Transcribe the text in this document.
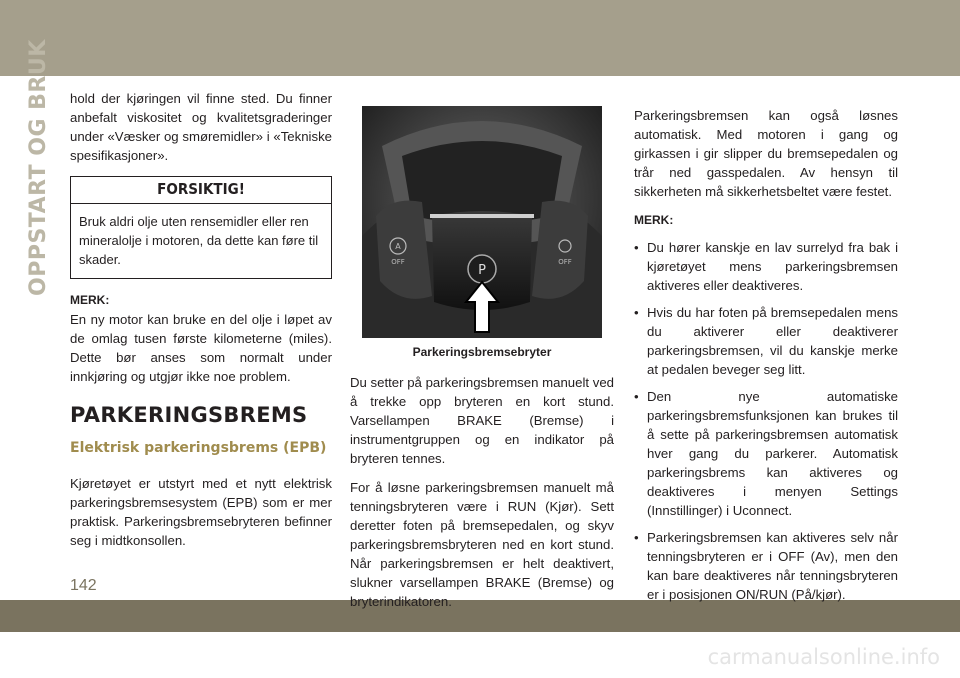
OPPSTART OG BRUK hold der kjøringen vil finne sted. Du finner anbefalt viskositet og kvalitetsgraderinger under «Væsker og smøremidler» i «Tekniske spesifikasjoner».

FORSIKTIG!
Bruk aldri olje uten rensemidler eller ren mineralolje i motoren, da dette kan føre til skader.

MERK:

En ny motor kan bruke en del olje i løpet av de omlag tusen første kilometerne (miles). Dette bør anses som normalt under innkjøring og utgjør ikke noe problem.

PARKERINGSBREMS
Elektrisk parkeringsbrems (EPB)

Kjøretøyet er utstyrt med et nytt elektrisk parkeringsbremsesystem (EPB) som er mer praktisk. Parkeringsbremsebryteren befinner seg i midtkonsollen.

P
A
OFF	OFF
Parkeringsbremsebryter

Du setter på parkeringsbremsen manuelt ved å trekke opp bryteren en kort stund. Varsellampen BRAKE (Bremse) i instrumentgruppen og en indikator på bryteren tennes.

For å løsne parkeringsbremsen manuelt må tenningsbryteren være i RUN (Kjør). Sett deretter foten på bremsepedalen, og skyv parkeringsbremsbryteren ned en kort stund. Når parkeringsbremsen er helt deaktivert, slukner varsellampen BRAKE (Bremse) og bryterindikatoren.

Parkeringsbremsen kan også løsnes automatisk. Med motoren i gang og girkassen i gir slipper du bremsepedalen og trår ned gasspedalen. Av hensyn til sikkerheten må sikkerhetsbeltet være festet.

MERK:

• Du hører kanskje en lav surrelyd fra bak i kjøretøyet mens parkeringsbremsen aktiveres eller deaktiveres.
• Hvis du har foten på bremsepedalen mens du aktiverer eller deaktiverer parkeringsbremsen, vil du kanskje merke at pedalen beveger seg litt.
• Den nye automatiske parkeringsbremsfunksjonen kan brukes til å sette på parkeringsbremsen automatisk hver gang du parkerer. Automatisk parkeringsbrems kan aktiveres og deaktiveres i menyen Settings (Innstillinger) i Uconnect.
• Parkeringsbremsen kan aktiveres selv når tenningsbryteren er i OFF (Av), men den kan bare deaktiveres når tenningsbryteren er i posisjonen ON/RUN (På/kjør).
142
carmanualsonline.info
